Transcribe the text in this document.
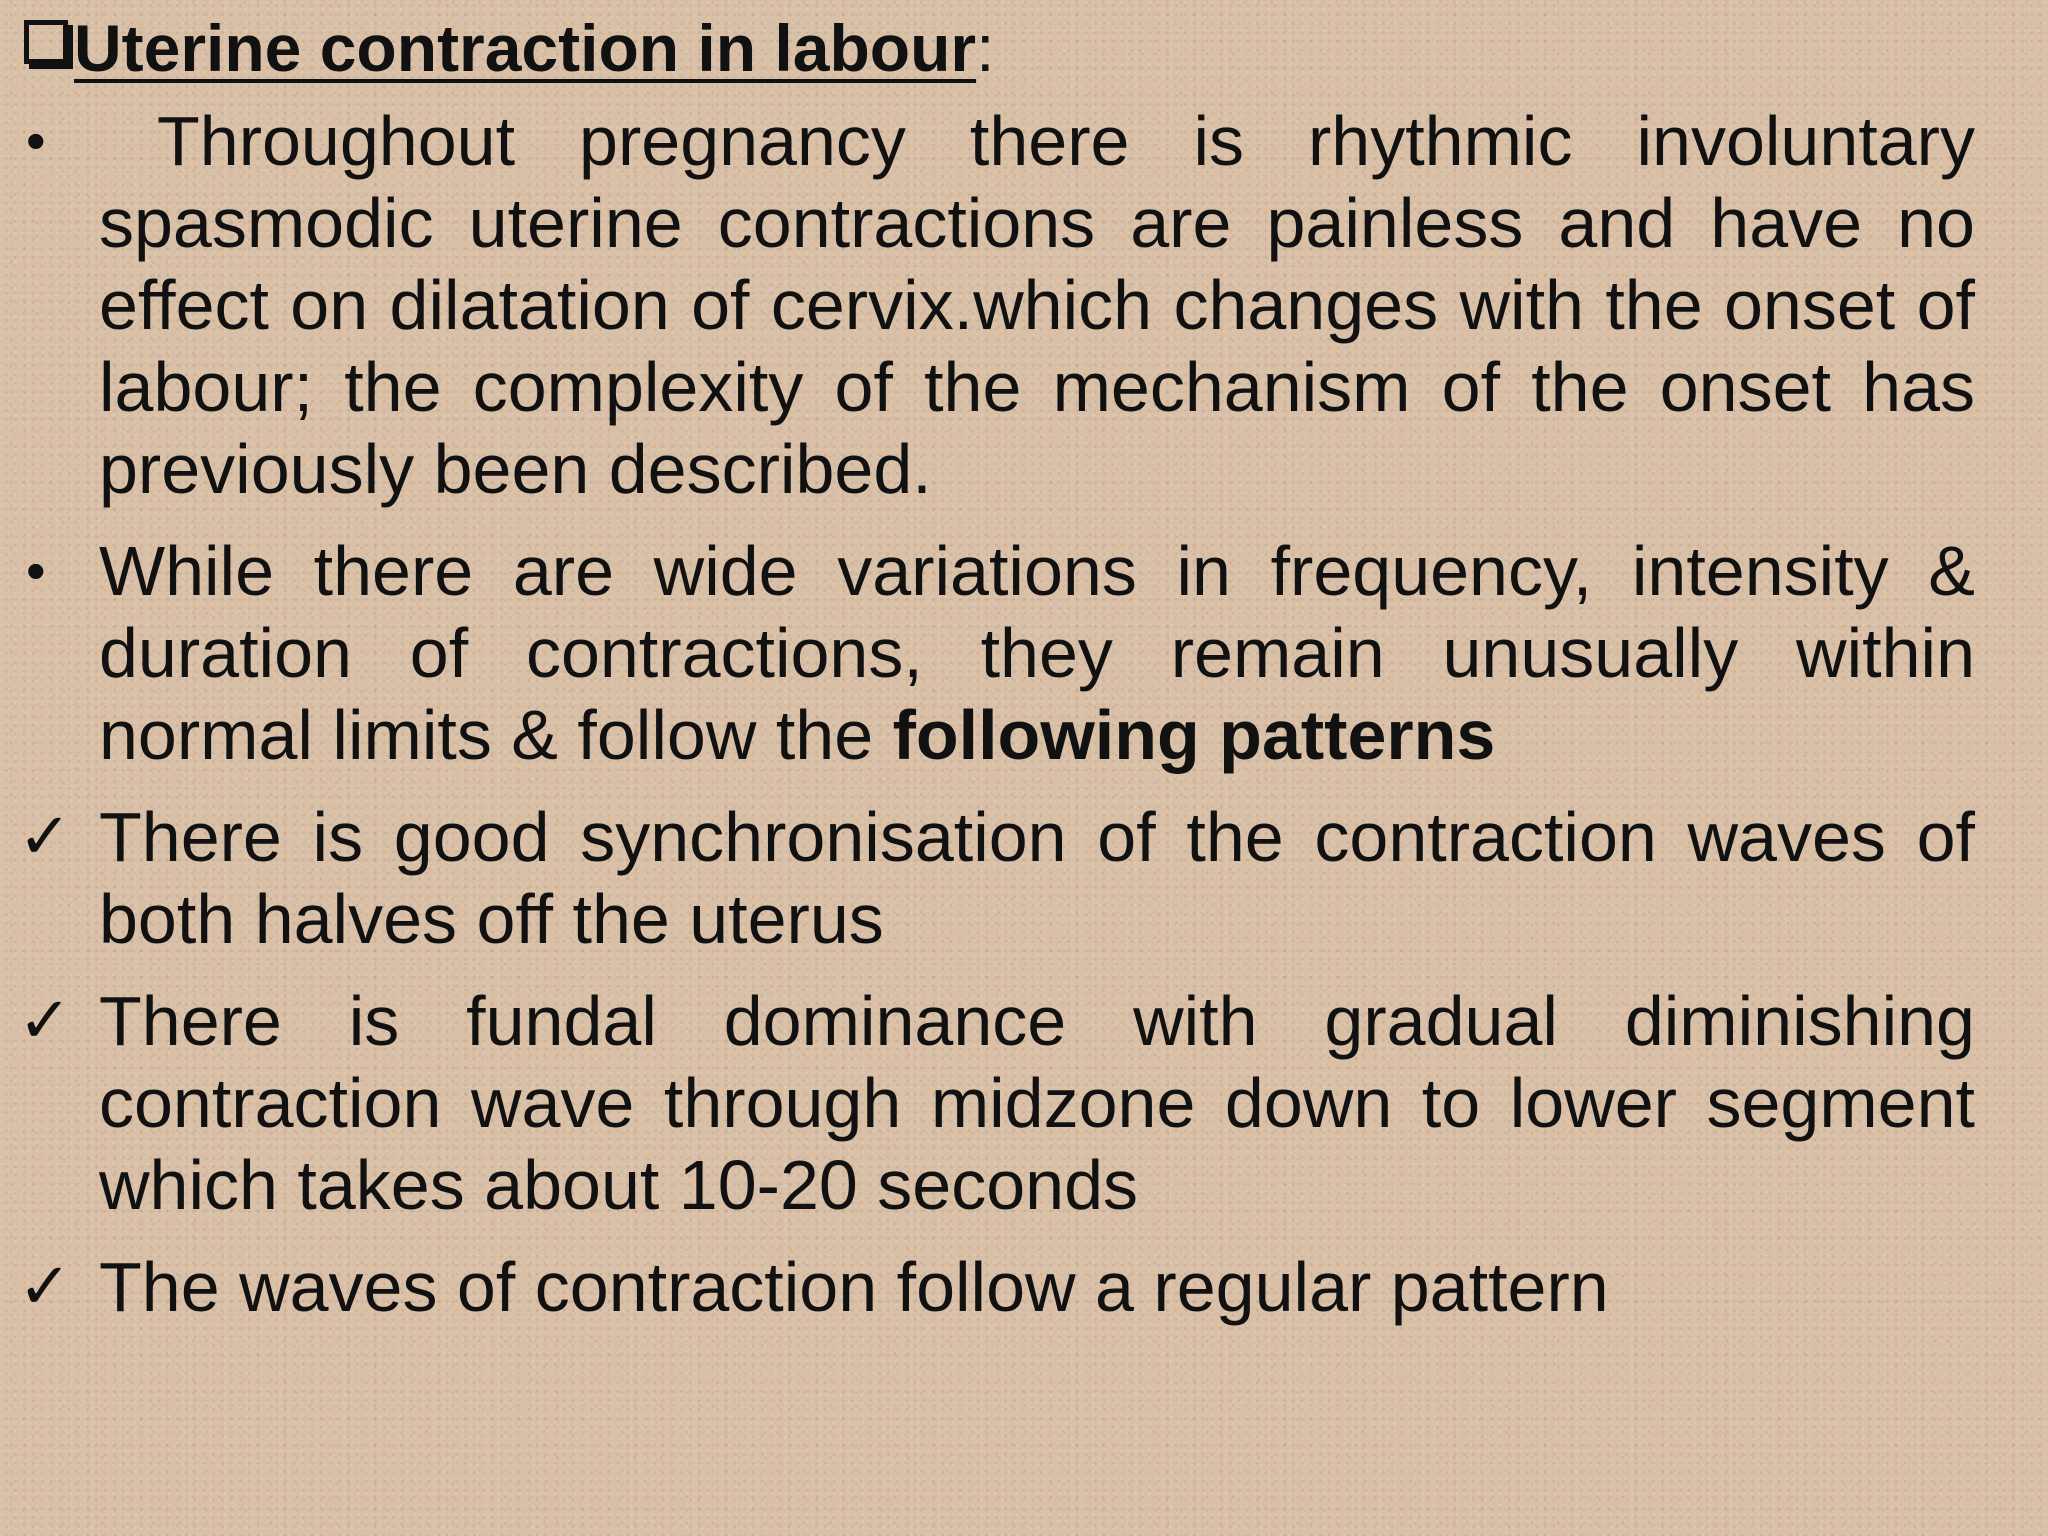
Uterine contraction in labour :
•	Throughout pregnancy there is rhythmic involuntary spasmodic uterine contractions are painless and have no effect on dilatation of cervix.which changes with the onset of labour; the complexity of the mechanism of the onset has previously been described.
• While there are wide variations in frequency, intensity & duration of contractions, they remain unusually within normal limits & follow the following patterns
✓ There is good synchronisation of the contraction waves of both halves off the uterus
✓ There is fundal dominance with gradual diminishing contraction wave through midzone down to lower segment which takes about 10-20 seconds
✓ The waves of contraction follow a regular pattern
